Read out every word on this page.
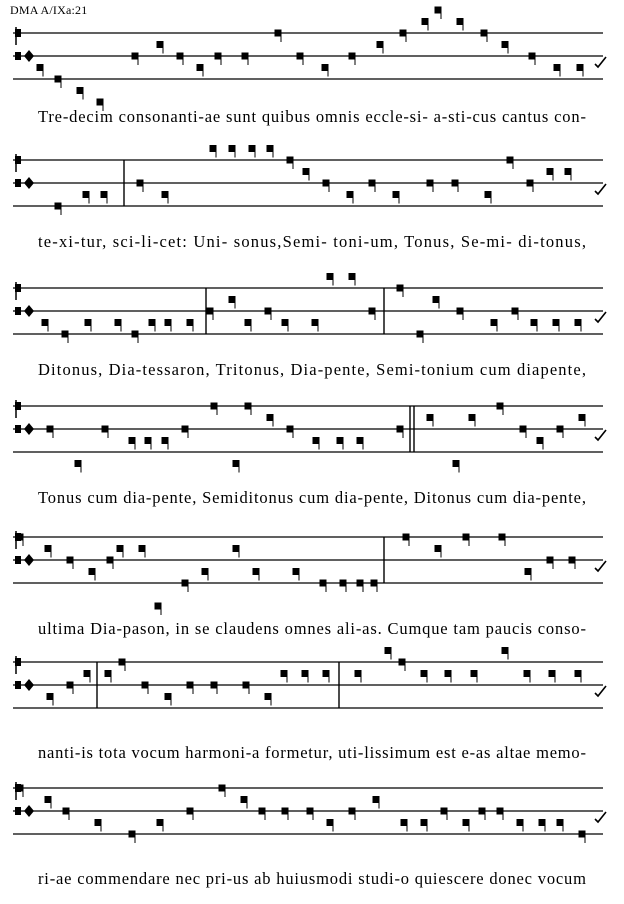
DMA A/IXa:21
Tre-decim consonanti-ae sunt quibus omnis eccle-si- a-sti-cus cantus con-
te-xi-tur, sci-li-cet: Uni- sonus,Semi- toni-um, Tonus, Se-mi- di-tonus,
Ditonus, Dia-tessaron, Tritonus, Dia-pente, Semi-tonium cum diapente,
Tonus cum dia-pente, Semiditonus cum dia-pente, Ditonus cum dia-pente,
ultima Dia-pason, in se claudens omnes ali-as. Cumque tam paucis conso-
nanti-is tota vocum harmoni-a formetur, uti-lissimum est e-as altae memo-
ri-ae commendare nec pri-us ab huiusmodi studi-o quiescere donec vocum
